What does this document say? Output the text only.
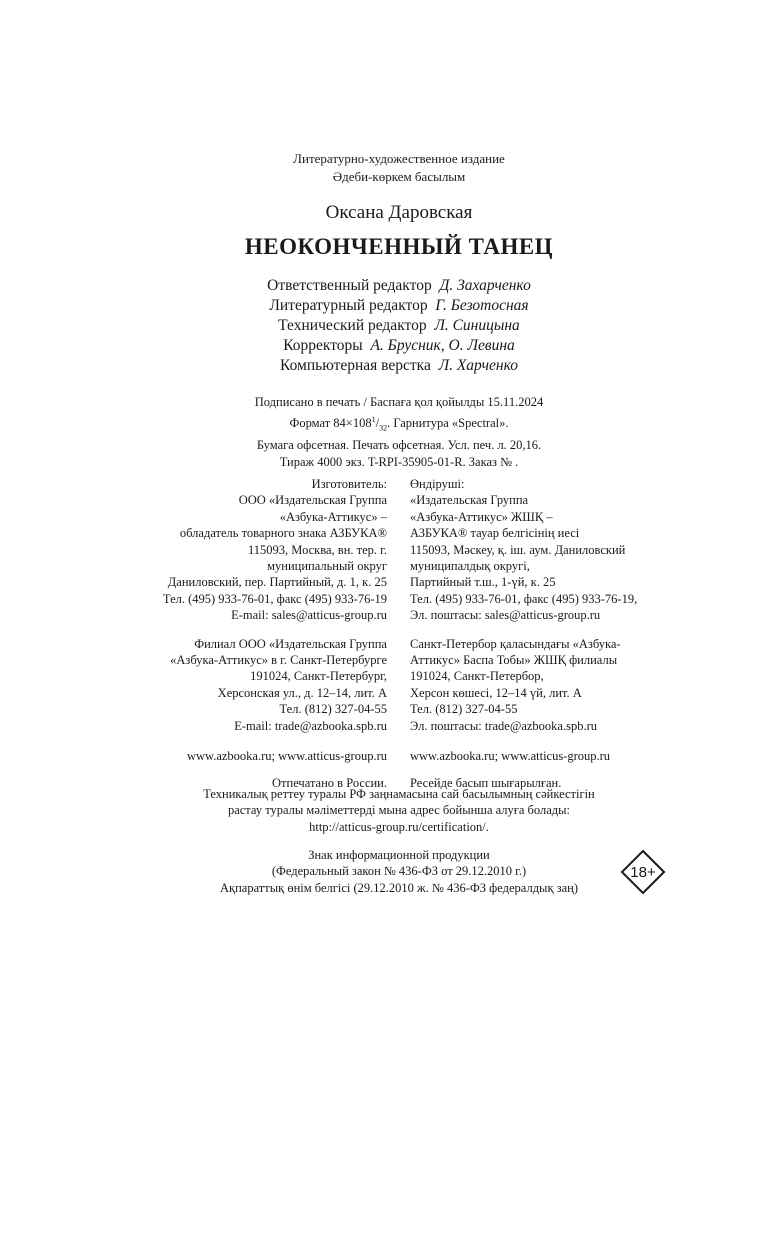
Литературно-художественное издание
Әдеби-көркем басылым
Оксана Даровская
НЕОКОНЧЕННЫЙ ТАНЕЦ
Ответственный редактор Д. Захарченко
Литературный редактор Г. Безотосная
Технический редактор Л. Синицына
Корректоры А. Брусник, О. Левина
Компьютерная верстка Л. Харченко
Подписано в печать / Баспаға қол қойылды 15.11.2024
Формат $84\times 108^1/_{32}$. Гарнитура «Spectral».
Бумага офсетная. Печать офсетная. Усл. печ. л. 20,16.
Тираж 4000 экз. T-RPI-35905-01-R. Заказ № .
Изготовитель:
ООО «Издательская Группа
«Азбука-Аттикус» –
обладатель товарного знака АЗБУКА®
115093, Москва, вн. тер. г.
муниципальный округ
Даниловский, пер. Партийный, д. 1, к. 25
Тел. (495) 933-76-01, факс (495) 933-76-19
E-mail: sales@atticus-group.ru
Филиал ООО «Издательская Группа
«Азбука-Аттикус» в г. Санкт-Петербурге
191024, Санкт-Петербург,
Херсонская ул., д. 12–14, лит. А
Тел. (812) 327-04-55
E-mail: trade@azbooka.spb.ru
www.azbooka.ru; www.atticus-group.ru
Отпечатано в России.
Өндіруші:
«Издательская Группа
«Азбука-Аттикус» ЖШҚ –
АЗБУКА® тауар белгісінің иесі
115093, Мәскеу, қ. іш. аум. Даниловский
муниципалдық округі,
Партийный т.ш., 1-үй, к. 25
Тел. (495) 933-76-01, факс (495) 933-76-19,
Эл. поштасы: sales@atticus-group.ru
Санкт-Петербор қаласындағы «Азбука-
Аттикус» Баспа Тобы» ЖШҚ филиалы
191024, Санкт-Петербор,
Херсон көшесі, 12–14 үй, лит. А
Тел. (812) 327-04-55
Эл. поштасы: trade@azbooka.spb.ru
www.azbooka.ru; www.atticus-group.ru
Ресейде басып шығарылған.
Техникалық реттеу туралы РФ заңнамасына сай басылымның сәйкестігін
растау туралы мәліметтерді мына адрес бойынша алуға болады:
http://atticus-group.ru/certification/.
Знак информационной продукции
(Федеральный закон № 436-ФЗ от 29.12.2010 г.)
Ақпараттық өнім белгісі (29.12.2010 ж. № 436-ФЗ федералдық заң)
18+
